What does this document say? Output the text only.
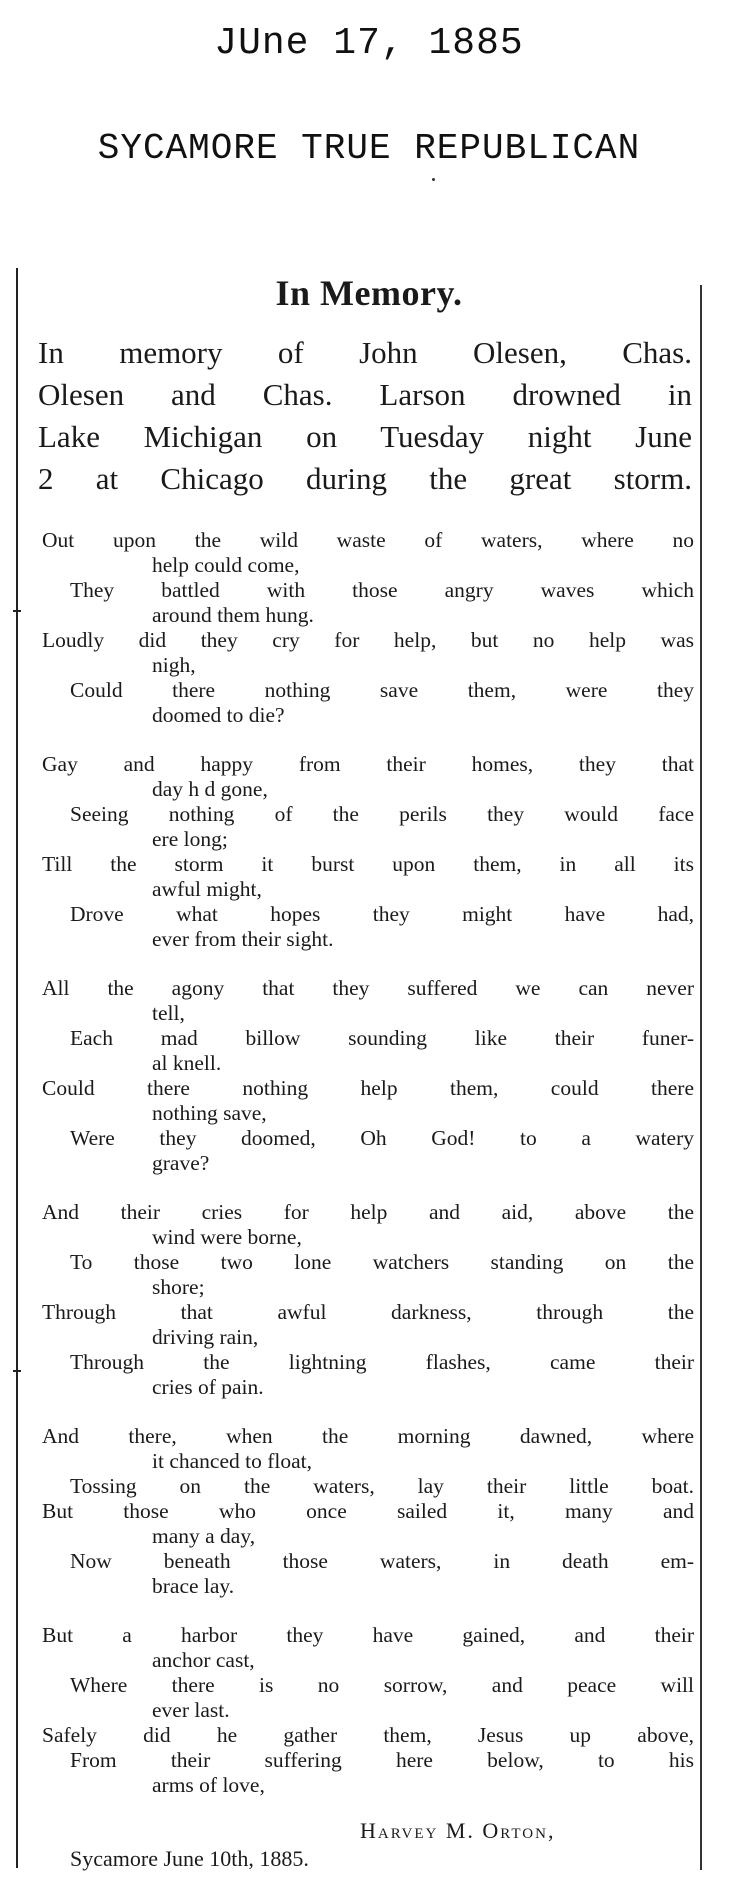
JUne 17, 1885
SYCAMORE TRUE REPUBLICAN
In Memory.
In memory of John Olesen, Chas.
Olesen and Chas. Larson drowned in
Lake Michigan on Tuesday night June
2 at Chicago during the great storm.
Out upon the wild waste of waters, where no
help could come,
They battled with those angry waves which
around them hung.
Loudly did they cry for help, but no help was
nigh,
Could there nothing save them, were they
doomed to die?
Gay and happy from their homes, they that
day h d gone,
Seeing nothing of the perils they would face
ere long;
Till the storm it burst upon them, in all its
awful might,
Drove what hopes they might have had,
ever from their sight.
All the agony that they suffered we can never
tell,
Each mad billow sounding like their funer-
al knell.
Could there nothing help them, could there
nothing save,
Were they doomed, Oh God! to a watery
grave?
And their cries for help and aid, above the
wind were borne,
To those two lone watchers standing on the
shore;
Through that awful darkness, through the
driving rain,
Through the lightning flashes, came their
cries of pain.
And there, when the morning dawned, where
it chanced to float,
Tossing on the waters, lay their little boat.
But those who once sailed it, many and
many a day,
Now beneath those waters, in death em-
brace lay.
But a harbor they have gained, and their
anchor cast,
Where there is no sorrow, and peace will
ever last.
Safely did he gather them, Jesus up above,
From their suffering here below, to his
arms of love,
Harvey M. Orton,
Sycamore June 10th, 1885.
